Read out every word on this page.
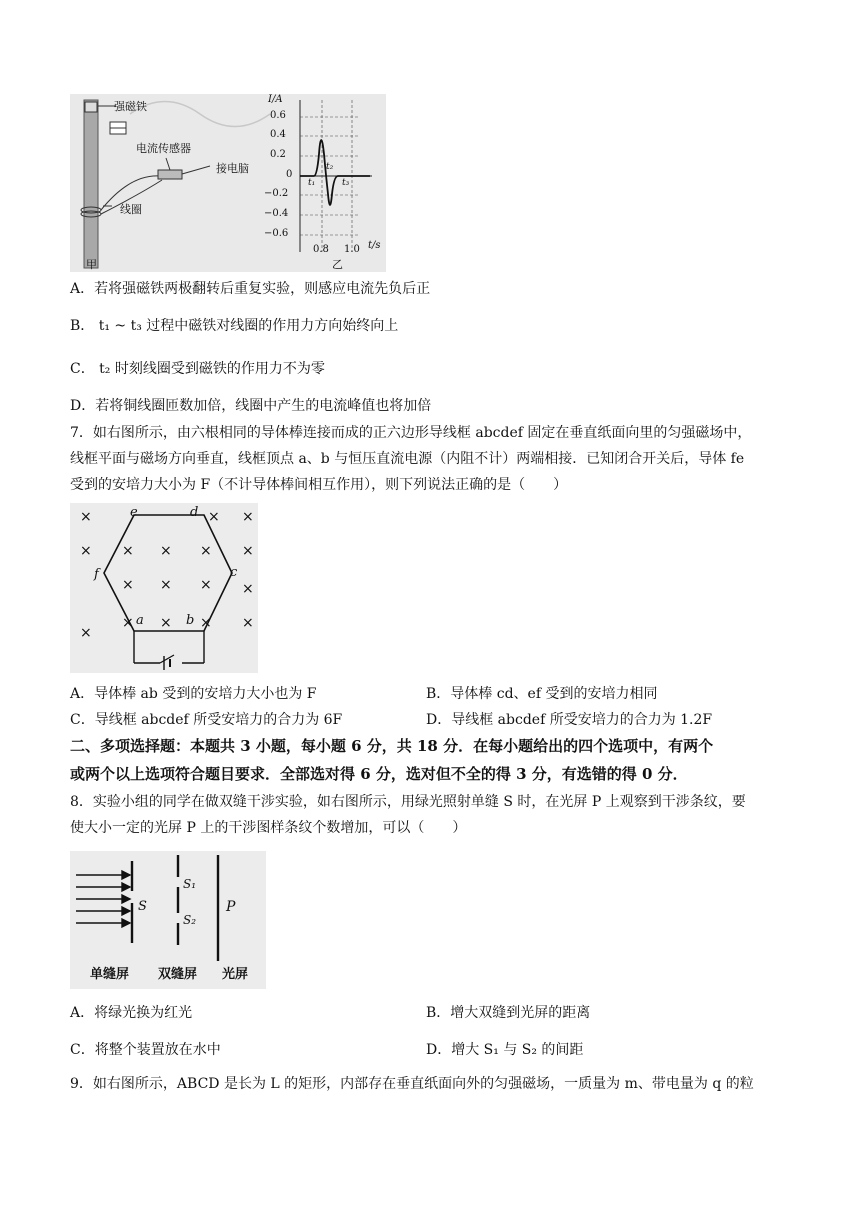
强磁铁
电流传感器
接电脑
线圈
甲
I/A
0.6
0.4
0.2
0
−0.2
−0.4
−0.6
0.8 1.0 t/s
乙
t₁
t₂
t₃
A．若将强磁铁两极翻转后重复实验，则感应电流先负后正
B． t₁ ~ t₃ 过程中磁铁对线圈的作用力方向始终向上
C． t₂ 时刻线圈受到磁铁的作用力不为零
D．若将铜线圈匝数加倍，线圈中产生的电流峰值也将加倍
7．如右图所示，由六根相同的导体棒连接而成的正六边形导线框 abcdef 固定在垂直纸面向里的匀强磁场中，
线框平面与磁场方向垂直，线框顶点 a、b 与恒压直流电源（内阻不计）两端相接．已知闭合开关后，导体 fe
受到的安培力大小为 F（不计导体棒间相互作用），则下列说法正确的是（　　）
×	× ×
× × × × ×
× × ×
× × × ×
×
×
e	d
c
f
a	b
A．导体棒 ab 受到的安培力大小也为 F	B．导体棒 cd、ef 受到的安培力相同
C．导线框 abcdef 所受安培力的合力为 6F	D．导线框 abcdef 所受安培力的合力为 1.2F
二、多项选择题：本题共 3 小题，每小题 6 分，共 18 分．在每小题给出的四个选项中，有两个
或两个以上选项符合题目要求．全部选对得 6 分，选对但不全的得 3 分，有选错的得 0 分．
8．实验小组的同学在做双缝干涉实验，如右图所示，用绿光照射单缝 S 时，在光屏 P 上观察到干涉条纹，要
使大小一定的光屏 P 上的干涉图样条纹个数增加，可以（　　）
S
S₁
S₂
P
单缝屏 双缝屏 光屏
A．将绿光换为红光	B．增大双缝到光屏的距离
C．将整个装置放在水中	D．增大 S₁ 与 S₂ 的间距
9．如右图所示，ABCD 是长为 L 的矩形，内部存在垂直纸面向外的匀强磁场，一质量为 m、带电量为 q 的粒
